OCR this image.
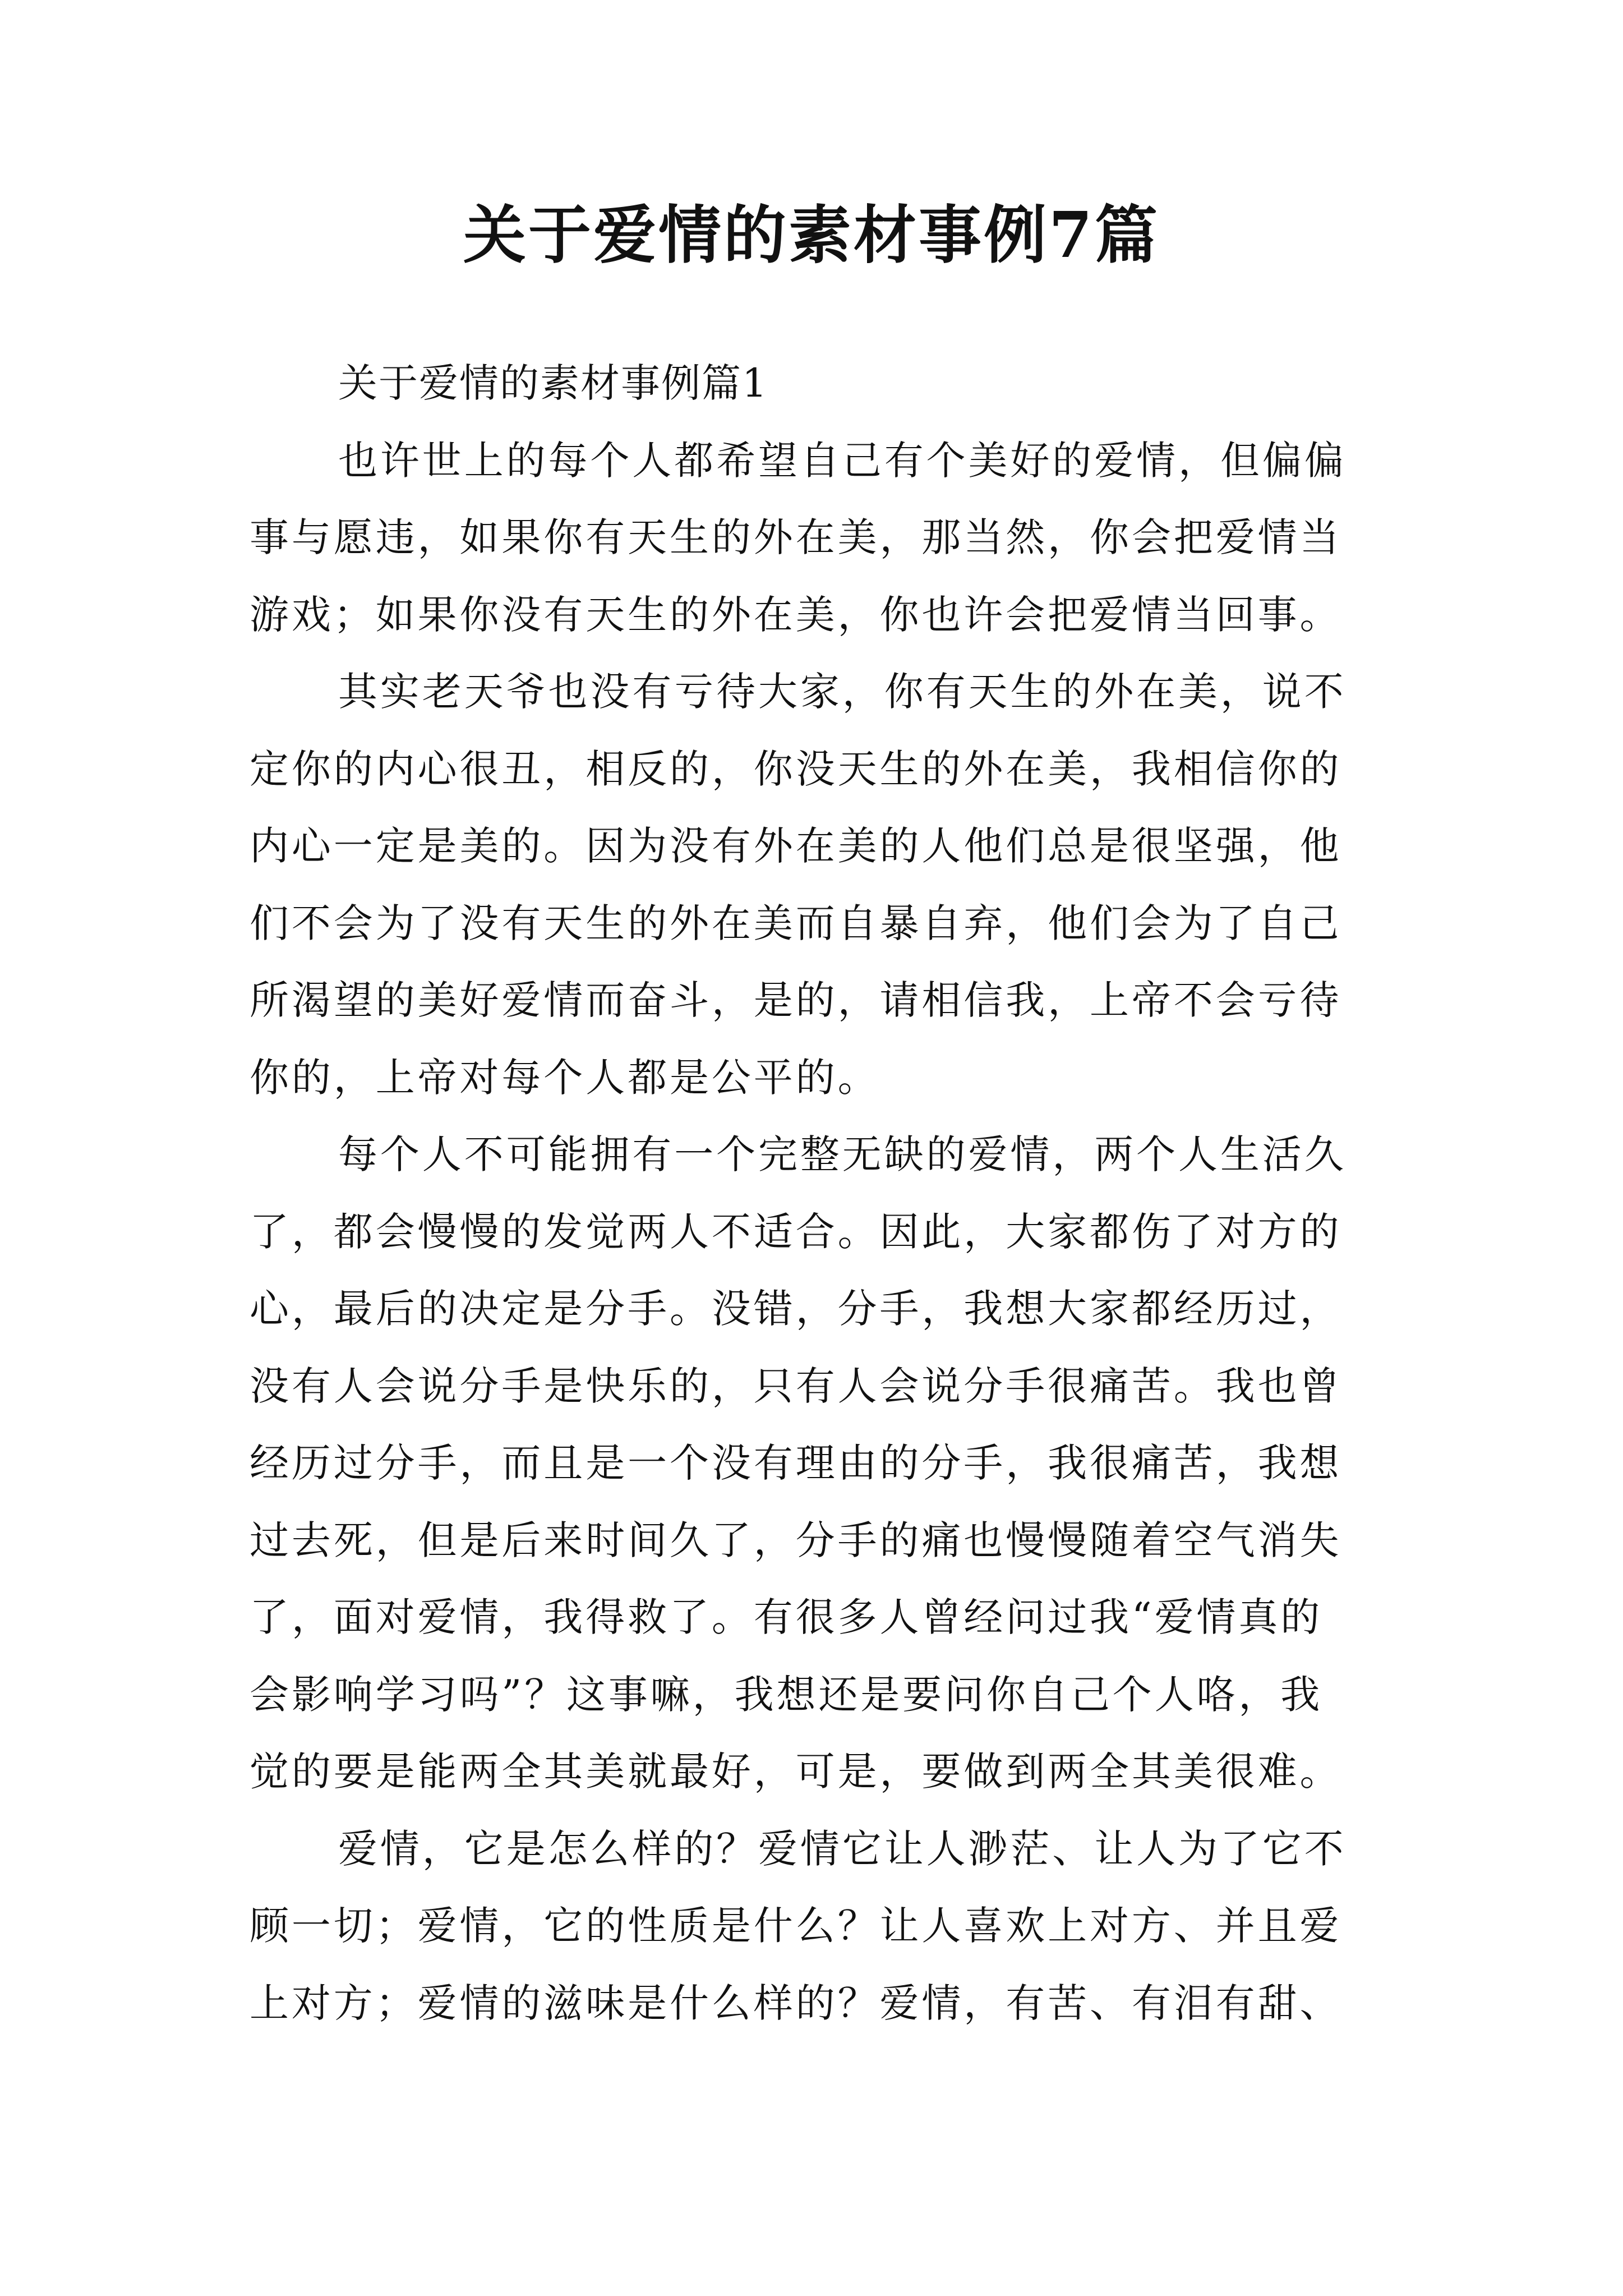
关于爱情的素材事例7篇
关于爱情的素材事例篇1
也许世上的每个人都希望自己有个美好的爱情，但偏偏
事与愿违，如果你有天生的外在美，那当然，你会把爱情当
游戏；如果你没有天生的外在美，你也许会把爱情当回事。
其实老天爷也没有亏待大家，你有天生的外在美，说不
定你的内心很丑，相反的，你没天生的外在美，我相信你的
内心一定是美的。因为没有外在美的人他们总是很坚强，他
们不会为了没有天生的外在美而自暴自弃，他们会为了自己
所渴望的美好爱情而奋斗，是的，请相信我，上帝不会亏待
你的，上帝对每个人都是公平的。
每个人不可能拥有一个完整无缺的爱情，两个人生活久
了，都会慢慢的发觉两人不适合。因此，大家都伤了对方的
心，最后的决定是分手。没错，分手，我想大家都经历过，
没有人会说分手是快乐的，只有人会说分手很痛苦。我也曾
经历过分手，而且是一个没有理由的分手，我很痛苦，我想
过去死，但是后来时间久了，分手的痛也慢慢随着空气消失
了，面对爱情，我得救了。有很多人曾经问过我“爱情真的
会影响学习吗”？这事嘛，我想还是要问你自己个人咯，我
觉的要是能两全其美就最好，可是，要做到两全其美很难。
爱情，它是怎么样的？爱情它让人渺茫、让人为了它不
顾一切；爱情，它的性质是什么？让人喜欢上对方、并且爱
上对方；爱情的滋味是什么样的？爱情，有苦、有泪有甜、
